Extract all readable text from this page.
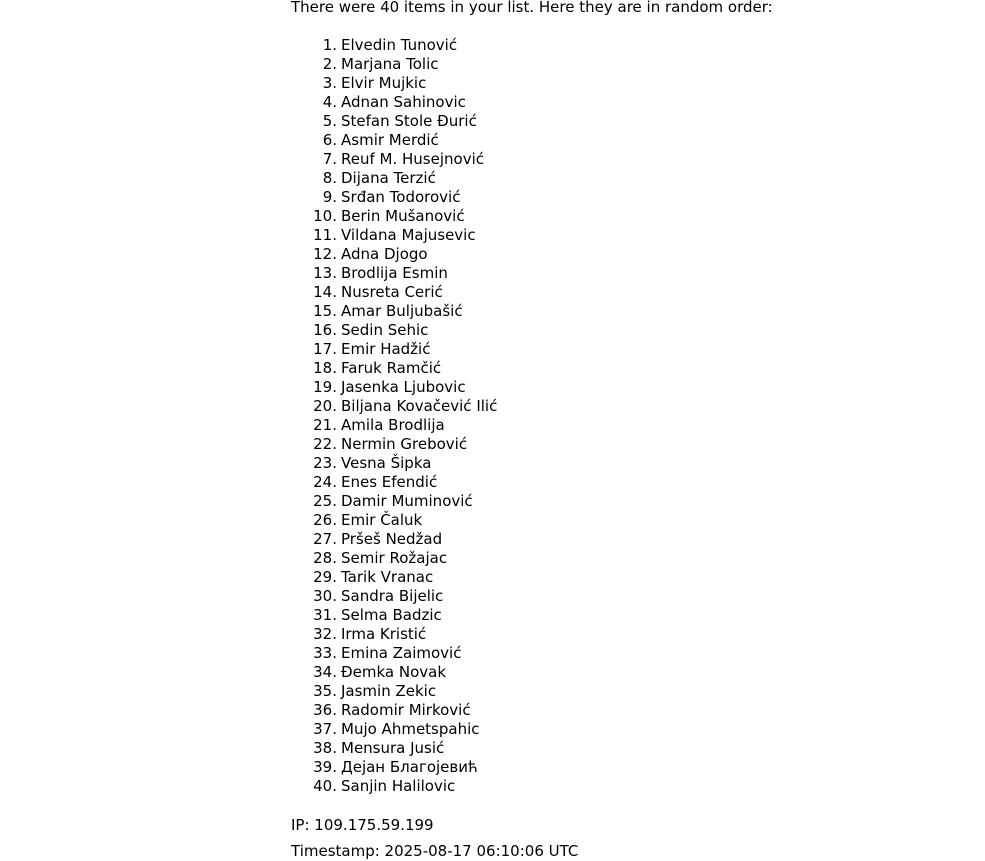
There were 40 items in your list. Here they are in random order:

1. Elvedin Tunović
2. Marjana Tolic
3. Elvir Mujkic
4. Adnan Sahinovic
5. Stefan Stole Đurić
6. Asmir Merdić
7. Reuf M. Husejnović
8. Dijana Terzić
9. Srđan Todorović
10. Berin Mušanović
11. Vildana Majusevic
12. Adna Djogo
13. Brodlija Esmin
14. Nusreta Cerić
15. Amar Buljubašić
16. Sedin Sehic
17. Emir Hadžić
18. Faruk Ramčić
19. Jasenka Ljubovic
20. Biljana Kovačević Ilić
21. Amila Brodlija
22. Nermin Grebović
23. Vesna Šipka
24. Enes Efendić
25. Damir Muminović
26. Emir Čaluk
27. Pršeš Nedžad
28. Semir Rožajac
29. Tarik Vranac
30. Sandra Bijelic
31. Selma Badzic
32. Irma Kristić
33. Emina Zaimović
34. Đemka Novak
35. Jasmin Zekic
36. Radomir Mirković
37. Mujo Ahmetspahic
38. Mensura Jusić
39. Дејан Благојевић
40. Sanjin Halilovic

IP: 109.175.59.199

Timestamp: 2025-08-17 06:10:06 UTC
